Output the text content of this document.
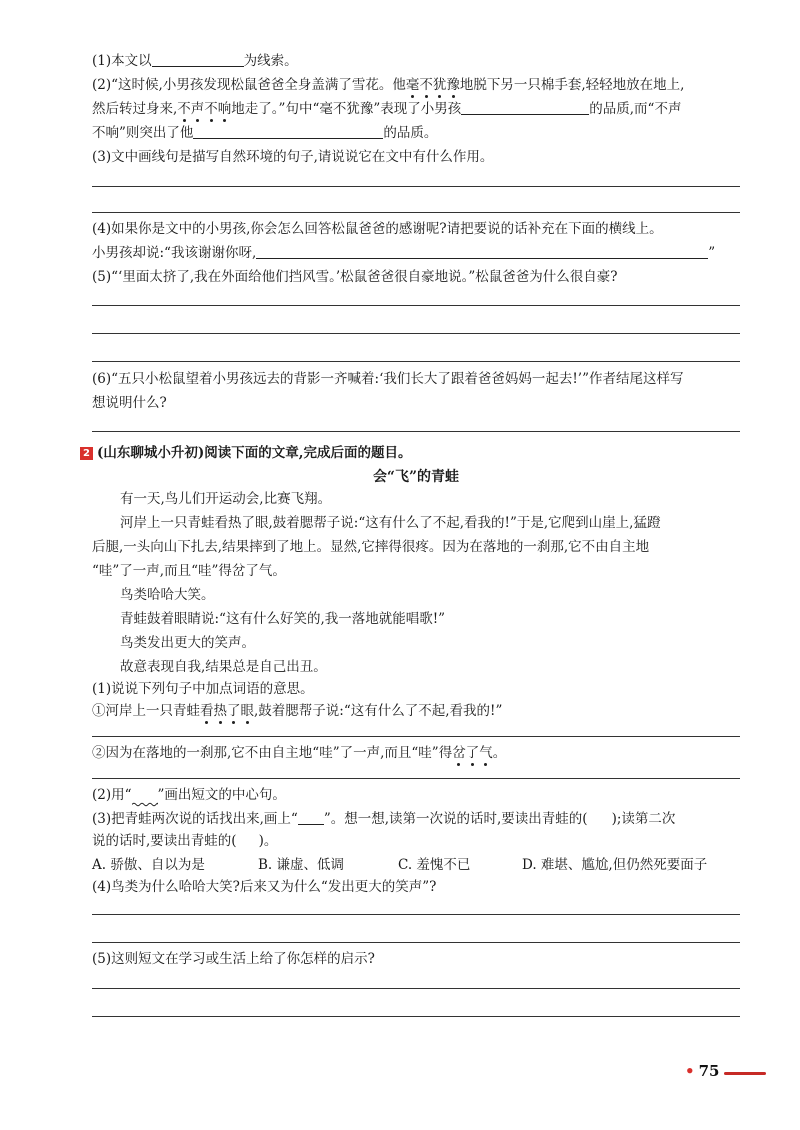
(1)本文以	为线索。
(2)“这时候,小男孩发现松鼠爸爸全身盖满了雪花。他毫不犹豫地脱下另一只棉手套,轻轻地放在地上,
然后转过身来,不声不响地走了。”句中“毫不犹豫”表现了小男孩	的品质,而“不声
不响”则突出了他	的品质。
(3)文中画线句是描写自然环境的句子,请说说它在文中有什么作用。
(4)如果你是文中的小男孩,你会怎么回答松鼠爸爸的感谢呢?请把要说的话补充在下面的横线上。
小男孩却说:“我该谢谢你呀,	”
(5)“‘里面太挤了,我在外面给他们挡风雪。’松鼠爸爸很自豪地说。”松鼠爸爸为什么很自豪?
(6)“五只小松鼠望着小男孩远去的背影一齐喊着:‘我们长大了跟着爸爸妈妈一起去!’”作者结尾这样写
想说明什么?
2 (山东聊城小升初)阅读下面的文章,完成后面的题目。
会“飞”的青蛙
有一天,鸟儿们开运动会,比赛飞翔。
河岸上一只青蛙看热了眼,鼓着腮帮子说:“这有什么了不起,看我的!”于是,它爬到山崖上,猛蹬
后腿,一头向山下扎去,结果摔到了地上。显然,它摔得很疼。因为在落地的一刹那,它不由自主地
“哇”了一声,而且“哇”得岔了气。
鸟类哈哈大笑。
青蛙鼓着眼睛说:“这有什么好笑的,我一落地就能唱歌!”
鸟类发出更大的笑声。
故意表现自我,结果总是自己出丑。
(1)说说下列句子中加点词语的意思。
①河岸上一只青蛙看热了眼,鼓着腮帮子说:“这有什么了不起,看我的!”
②因为在落地的一刹那,它不由自主地“哇”了一声,而且“哇”得岔了气。
(2)用“ ”画出短文的中心句。
(3)把青蛙两次说的话找出来,画上“ ”。想一想,读第一次说的话时,要读出青蛙的( );读第二次
说的话时,要读出青蛙的( )。
A. 骄傲、自以为是	B. 谦虚、低调	C. 羞愧不已	D. 难堪、尴尬,但仍然死要面子
(4)鸟类为什么哈哈大笑?后来又为什么“发出更大的笑声”?
(5)这则短文在学习或生活上给了你怎样的启示?
• 75
